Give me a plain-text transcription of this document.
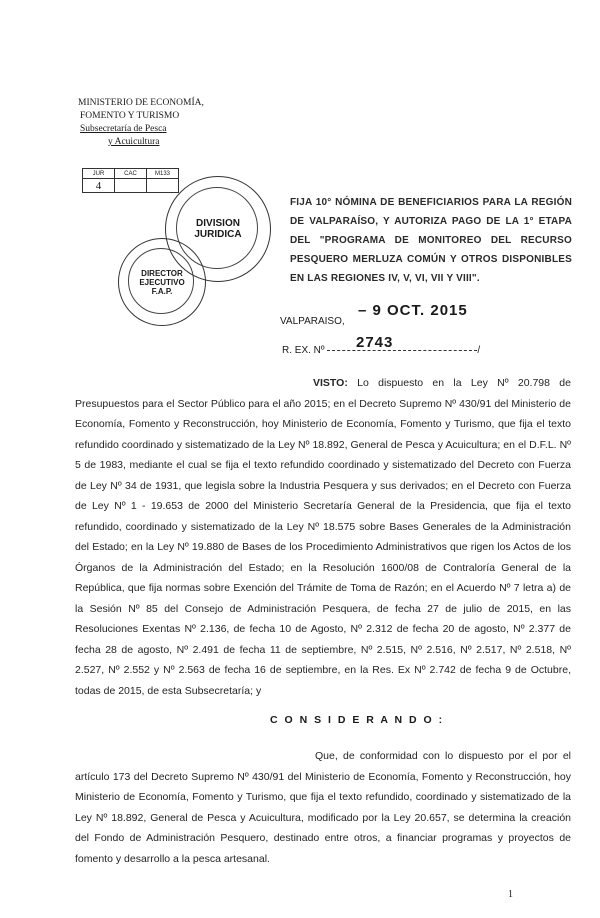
MINISTERIO DE ECONOMÍA,
FOMENTO Y TURISMO
Subsecretaría de Pesca
y Acuicultura
JUR	CAC	M133
4		
DIVISION
JURIDICA
DIRECTOR
EJECUTIVO
F.A.P.
FIJA 10° NÓMINA DE BENEFICIARIOS PARA LA REGIÓN DE VALPARAÍSO, Y AUTORIZA PAGO DE LA 1° ETAPA DEL "PROGRAMA DE MONITOREO DEL RECURSO PESQUERO MERLUZA COMÚN Y OTROS DISPONIBLES EN LAS REGIONES IV, V, VI, VII Y VIII".
– 9 OCT. 2015
VALPARAISO,
2743
R. EX. Nº	/
VISTO: Lo dispuesto en la Ley Nº 20.798 de Presupuestos para el Sector Público para el año 2015; en el Decreto Supremo Nº 430/91 del Ministerio de Economía, Fomento y Reconstrucción, hoy Ministerio de Economía, Fomento y Turismo, que fija el texto refundido coordinado y sistematizado de la Ley Nº 18.892, General de Pesca y Acuicultura; en el D.F.L. Nº 5 de 1983, mediante el cual se fija el texto refundido coordinado y sistematizado del Decreto con Fuerza de Ley Nº 34 de 1931, que legisla sobre la Industria Pesquera y sus derivados; en el Decreto con Fuerza de Ley Nº 1 - 19.653 de 2000 del Ministerio Secretaría General de la Presidencia, que fija el texto refundido, coordinado y sistematizado de la Ley Nº 18.575 sobre Bases Generales de la Administración del Estado; en la Ley Nº 19.880 de Bases de los Procedimiento Administrativos que rigen los Actos de los Órganos de la Administración del Estado; en la Resolución 1600/08 de Contraloría General de la República, que fija normas sobre Exención del Trámite de Toma de Razón; en el Acuerdo Nº 7 letra a) de la Sesión Nº 85 del Consejo de Administración Pesquera, de fecha 27 de julio de 2015, en las Resoluciones Exentas Nº 2.136, de fecha 10 de Agosto, Nº 2.312 de fecha 20 de agosto, Nº 2.377 de fecha 28 de agosto, Nº 2.491 de fecha 11 de septiembre, Nº 2.515, Nº 2.516, Nº 2.517, Nº 2.518, Nº 2.527, Nº 2.552 y Nº 2.563 de fecha 16 de septiembre, en la Res. Ex Nº 2.742 de fecha 9 de Octubre, todas de 2015, de esta Subsecretaría; y
C O N S I D E R A N D O :
Que, de conformidad con lo dispuesto por el por el artículo 173 del Decreto Supremo Nº 430/91 del Ministerio de Economía, Fomento y Reconstrucción, hoy Ministerio de Economía, Fomento y Turismo, que fija el texto refundido, coordinado y sistematizado de la Ley Nº 18.892, General de Pesca y Acuicultura, modificado por la Ley 20.657, se determina la creación del Fondo de Administración Pesquero, destinado entre otros, a financiar programas y proyectos de fomento y desarrollo a la pesca artesanal.
1
